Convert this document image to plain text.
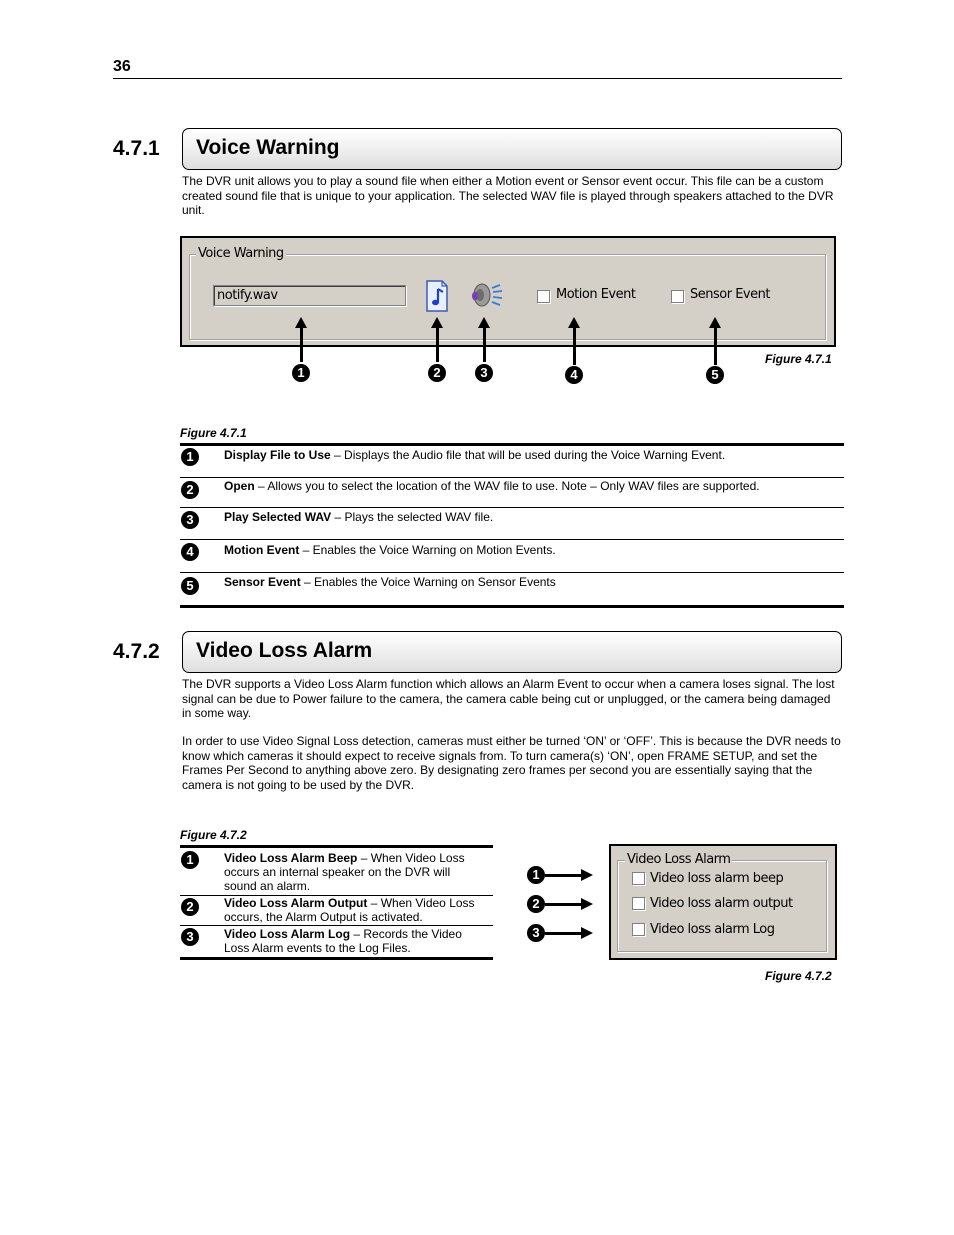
36
4.7.1 Voice Warning
The DVR unit allows you to play a sound file when either a Motion event or Sensor event occur. This file can be a custom created sound file that is unique to your application. The selected WAV file is played through speakers attached to the DVR unit.
Voice Warning
notify.wav	Motion Event	Sensor Event
1	2	3	4	5
Figure 4.7.1
Figure 4.7.1
1	Display File to Use – Displays the Audio file that will be used during the Voice Warning Event.
2	Open – Allows you to select the location of the WAV file to use. Note – Only WAV files are supported.
3	Play Selected WAV – Plays the selected WAV file.
4	Motion Event – Enables the Voice Warning on Motion Events.
5	Sensor Event – Enables the Voice Warning on Sensor Events
4.7.2 Video Loss Alarm
The DVR supports a Video Loss Alarm function which allows an Alarm Event to occur when a camera loses signal. The lost signal can be due to Power failure to the camera, the camera cable being cut or unplugged, or the camera being damaged in some way.
In order to use Video Signal Loss detection, cameras must either be turned ‘ON’ or ‘OFF’. This is because the DVR needs to know which cameras it should expect to receive signals from. To turn camera(s) ‘ON’, open FRAME SETUP, and set the Frames Per Second to anything above zero. By designating zero frames per second you are essentially saying that the camera is not going to be used by the DVR.
Figure 4.7.2
1	Video Loss Alarm Beep – When Video Loss occurs an internal speaker on the DVR will sound an alarm.
2	Video Loss Alarm Output – When Video Loss occurs, the Alarm Output is activated.
3	Video Loss Alarm Log – Records the Video Loss Alarm events to the Log Files.
1
2
3
Video Loss Alarm
Video loss alarm beep
Video loss alarm output
Video loss alarm Log
Figure 4.7.2
